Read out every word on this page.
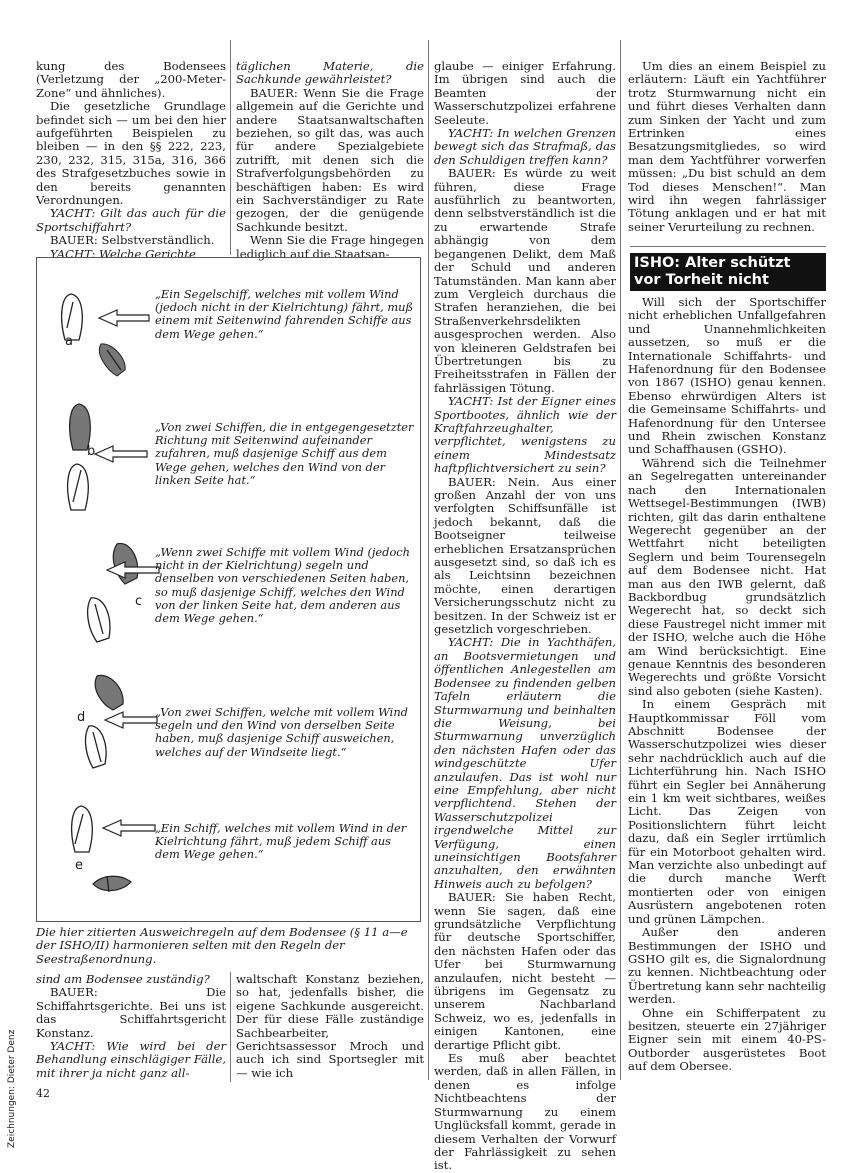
kung des Bodensees (Verletzung der „200-Meter-Zone“ und ähnliches).

Die gesetzliche Grundlage befindet sich — um bei den hier aufgeführten Beispielen zu bleiben — in den §§ 222, 223, 230, 232, 315, 315a, 316, 366 des Strafgesetzbuches sowie in den bereits genannten Verordnungen.

YACHT: Gilt das auch für die Sportschiffahrt?

BAUER: Selbstverständlich.

YACHT: Welche Gerichte

täglichen Materie, die Sachkunde gewährleistet?

BAUER: Wenn Sie die Frage allgemein auf die Gerichte und andere Staatsanwaltschaften beziehen, so gilt das, was auch für andere Spezialgebiete zutrifft, mit denen sich die Strafverfolgungsbehörden zu beschäftigen haben: Es wird ein Sachverständiger zu Rate gezogen, der die genügende Sachkunde besitzt.

Wenn Sie die Frage hingegen lediglich auf die Staatsan-

Zeichnungen: Dieter Denz
a
„Ein Segelschiff, welches mit vollem Wind (jedoch nicht in der Kielrichtung) fährt, muß einem mit Seitenwind fahrenden Schiffe aus dem Wege gehen.“
b
„Von zwei Schiffen, die in entgegengesetzter Richtung mit Seitenwind aufeinander zufahren, muß dasjenige Schiff aus dem Wege gehen, welches den Wind von der linken Seite hat.“
c
„Wenn zwei Schiffe mit vollem Wind (jedoch nicht in der Kielrichtung) segeln und denselben von verschiedenen Seiten haben, so muß dasjenige Schiff, welches den Wind von der linken Seite hat, dem anderen aus dem Wege gehen.“
d	„Von zwei Schiffen, welche mit vollem Wind segeln und den Wind von derselben Seite haben, muß dasjenige Schiff ausweichen, welches auf der Windseite liegt.“
e
„Ein Schiff, welches mit vollem Wind in der Kielrichtung fährt, muß jedem Schiff aus dem Wege gehen.“
Die hier zitierten Ausweichregeln auf dem Bodensee (§ 11 a—e der ISHO/II) harmonieren selten mit den Regeln der Seestraßenordnung.

sind am Bodensee zuständig?

BAUER: Die Schiffahrtsgerichte. Bei uns ist das Schiffahrtsgericht Konstanz.

YACHT: Wie wird bei der Behandlung einschlägiger Fälle, mit ihrer ja nicht ganz all-

waltschaft Konstanz beziehen, so hat, jedenfalls bisher, die eigene Sachkunde ausgereicht. Der für diese Fälle zuständige Sachbearbeiter, Gerichtsassessor Mroch und auch ich sind Sportsegler mit — wie ich

glaube — einiger Erfahrung. Im übrigen sind auch die Beamten der Wasserschutzpolizei erfahrene Seeleute.

YACHT: In welchen Grenzen bewegt sich das Strafmaß, das den Schuldigen treffen kann?

BAUER: Es würde zu weit führen, diese Frage ausführlich zu beantworten, denn selbstverständlich ist die zu erwartende Strafe abhängig von dem begangenen Delikt, dem Maß der Schuld und anderen Tatumständen. Man kann aber zum Vergleich durchaus die Strafen heranziehen, die bei Straßenverkehrsdelikten ausgesprochen werden. Also von kleineren Geldstrafen bei Übertretungen bis zu Freiheitsstrafen in Fällen der fahrlässigen Tötung.

YACHT: Ist der Eigner eines Sportbootes, ähnlich wie der Kraftfahrzeughalter, verpflichtet, wenigstens zu einem Mindestsatz haftpflichtversichert zu sein?

BAUER: Nein. Aus einer großen Anzahl der von uns verfolgten Schiffsunfälle ist jedoch bekannt, daß die Bootseigner teilweise erheblichen Ersatzansprüchen ausgesetzt sind, so daß ich es als Leichtsinn bezeichnen möchte, einen derartigen Versicherungsschutz nicht zu besitzen. In der Schweiz ist er gesetzlich vorgeschrieben.

YACHT: Die in Yachthäfen, an Bootsvermietungen und öffentlichen Anlegestellen am Bodensee zu findenden gelben Tafeln erläutern die Sturmwarnung und beinhalten die Weisung, bei Sturmwarnung unverzüglich den nächsten Hafen oder das windgeschützte Ufer anzulaufen. Das ist wohl nur eine Empfehlung, aber nicht verpflichtend. Stehen der Wasserschutzpolizei irgendwelche Mittel zur Verfügung, einen uneinsichtigen Bootsfahrer anzuhalten, den erwähnten Hinweis auch zu befolgen?

BAUER: Sie haben Recht, wenn Sie sagen, daß eine grundsätzliche Verpflichtung für deutsche Sportschiffer, den nächsten Hafen oder das Ufer bei Sturmwarnung anzulaufen, nicht besteht — übrigens im Gegensatz zu unserem Nachbarland Schweiz, wo es, jedenfalls in einigen Kantonen, eine derartige Pflicht gibt.

Es muß aber beachtet werden, daß in allen Fällen, in denen es infolge Nichtbeachtens der Sturmwarnung zu einem Unglücksfall kommt, gerade in diesem Verhalten der Vorwurf der Fahrlässigkeit zu sehen ist.

Um dies an einem Beispiel zu erläutern: Läuft ein Yachtführer trotz Sturmwarnung nicht ein und führt dieses Verhalten dann zum Sinken der Yacht und zum Ertrinken eines Besatzungsmitgliedes, so wird man dem Yachtführer vorwerfen müssen: „Du bist schuld an dem Tod dieses Menschen!“. Man wird ihn wegen fahrlässiger Tötung anklagen und er hat mit seiner Verurteilung zu rechnen.

ISHO: Alter schützt vor Torheit nicht

Will sich der Sportschiffer nicht erheblichen Unfallgefahren und Unannehmlichkeiten aussetzen, so muß er die Internationale Schiffahrts- und Hafenordnung für den Bodensee von 1867 (ISHO) genau kennen. Ebenso ehrwürdigen Alters ist die Gemeinsame Schiffahrts- und Hafenordnung für den Untersee und Rhein zwischen Konstanz und Schaffhausen (GSHO).

Während sich die Teilnehmer an Segelregatten untereinander nach den Internationalen Wettsegel-Bestimmungen (IWB) richten, gilt das darin enthaltene Wegerecht gegenüber an der Wettfahrt nicht beteiligten Seglern und beim Tourensegeln auf dem Bodensee nicht. Hat man aus den IWB gelernt, daß Backbordbug grundsätzlich Wegerecht hat, so deckt sich diese Faustregel nicht immer mit der ISHO, welche auch die Höhe am Wind berücksichtigt. Eine genaue Kenntnis des besonderen Wegerechts und größte Vorsicht sind also geboten (siehe Kasten).

In einem Gespräch mit Hauptkommissar Föll vom Abschnitt Bodensee der Wasserschutzpolizei wies dieser sehr nachdrücklich auch auf die Lichterführung hin. Nach ISHO führt ein Segler bei Annäherung ein 1 km weit sichtbares, weißes Licht. Das Zeigen von Positionslichtern führt leicht dazu, daß ein Segler irrtümlich für ein Motorboot gehalten wird. Man verzichte also unbedingt auf die durch manche Werft montierten oder von einigen Ausrüstern angebotenen roten und grünen Lämpchen.

Außer den anderen Bestimmungen der ISHO und GSHO gilt es, die Signalordnung zu kennen. Nichtbeachtung oder Übertretung kann sehr nachteilig werden.

Ohne ein Schifferpatent zu besitzen, steuerte ein 27jähriger Eigner sein mit einem 40-PS-Outborder ausgerüstetes Boot auf dem Obersee.

42
